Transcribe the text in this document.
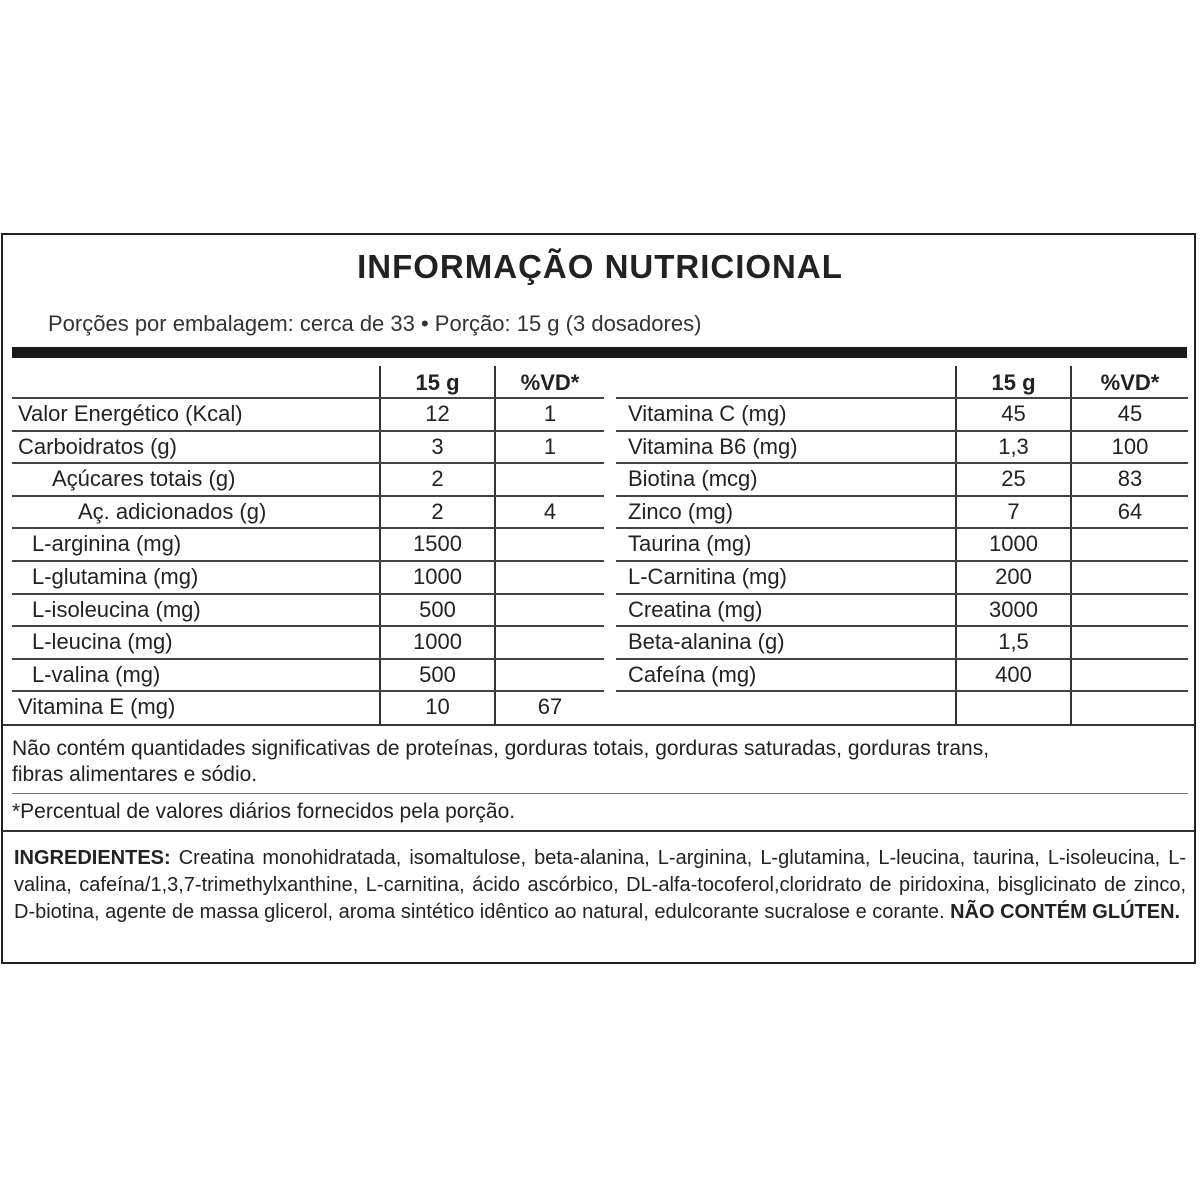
INFORMAÇÃO NUTRICIONAL
Porções por embalagem: cerca de 33 • Porção: 15 g (3 dosadores)
15 g	%VD*	15 g	%VD*
Valor Energético (Kcal)	12	1
Carboidratos (g)	3	1
Açúcares totais (g)	2
Aç. adicionados (g)	2	4
L-arginina (mg)	1500
L-glutamina (mg)	1000
L-isoleucina (mg)	500
L-leucina (mg)	1000
L-valina (mg)	500
Vitamina E (mg)	10	67
Vitamina C (mg)	45	45
Vitamina B6 (mg)	1,3	100
Biotina (mcg)	25	83
Zinco (mg)	7	64
Taurina (mg)	1000
L-Carnitina (mg)	200
Creatina (mg)	3000
Beta-alanina (g)	1,5
Cafeína (mg)	400
Não contém quantidades significativas de proteínas, gorduras totais, gorduras saturadas, gorduras trans,
fibras alimentares e sódio.
*Percentual de valores diários fornecidos pela porção.
INGREDIENTES: Creatina monohidratada, isomaltulose, beta-alanina, L-arginina, L-glutamina, L-leucina, taurina, L-isoleucina, L-valina, cafeína/1,3,7-trimethylxanthine, L-carnitina, ácido ascórbico, DL-alfa-tocoferol,cloridrato de piridoxina, bisglicinato de zinco, D-biotina, agente de massa glicerol, aroma sintético idêntico ao natural, edulcorante sucralose e corante. NÃO CONTÉM GLÚTEN.
